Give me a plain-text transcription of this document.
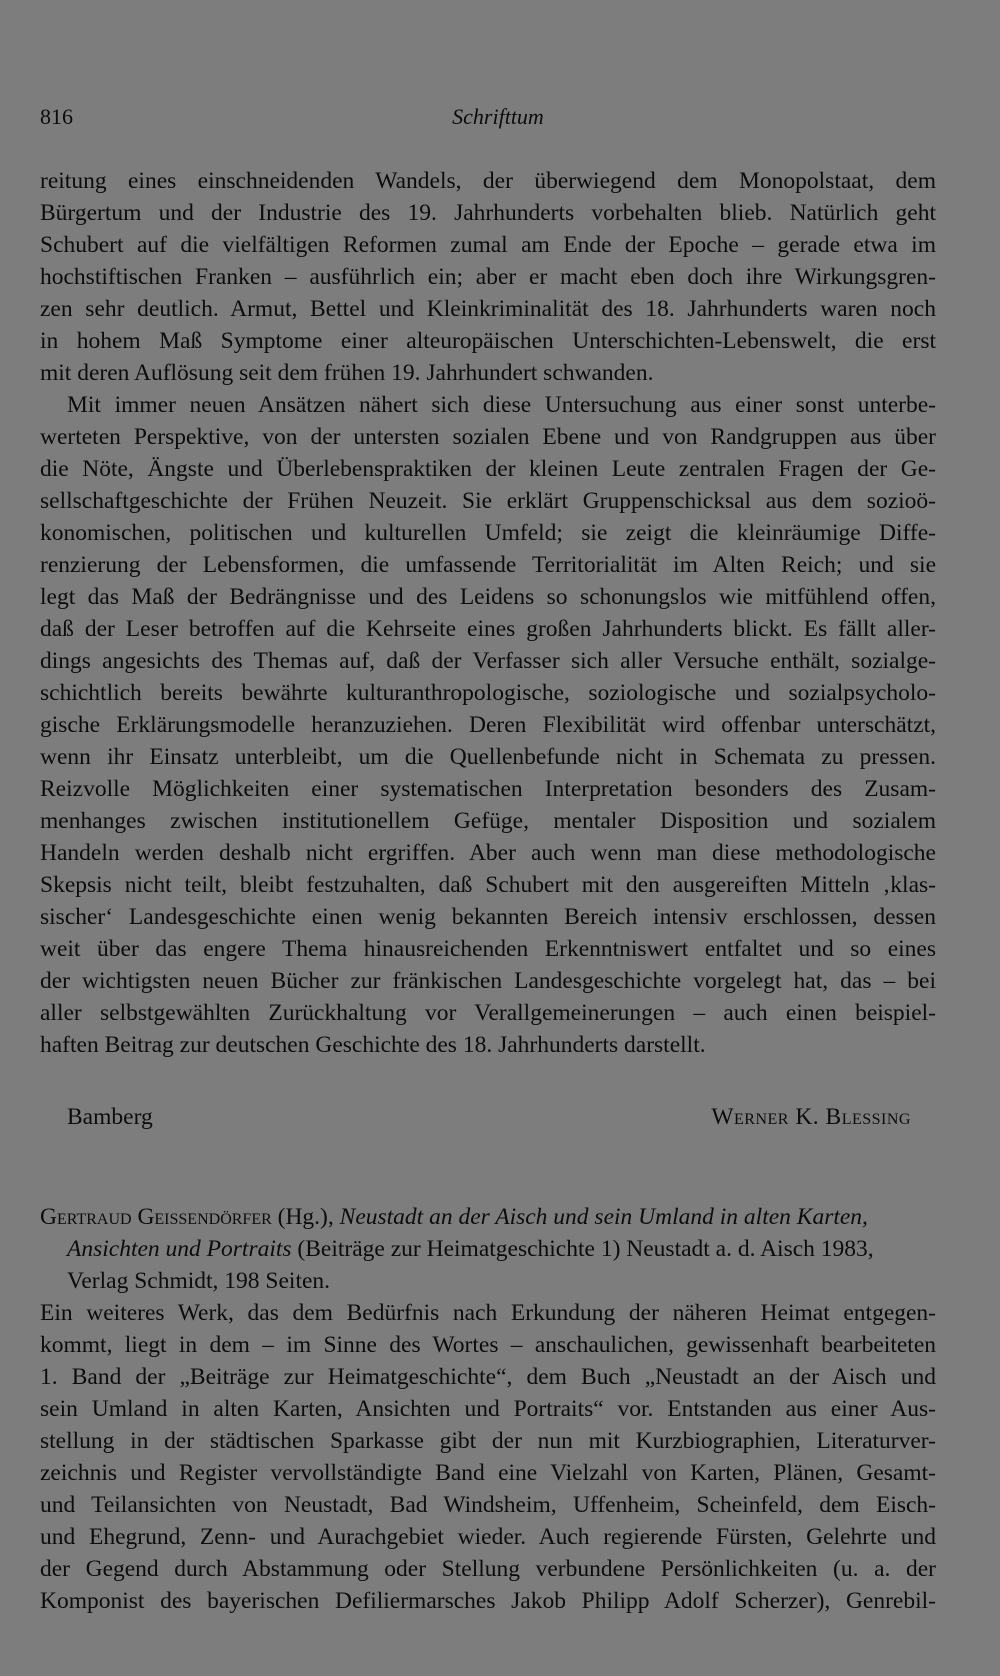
816	Schrifttum
reitung eines einschneidenden Wandels, der überwiegend dem Monopolstaat, dem
Bürgertum und der Industrie des 19. Jahrhunderts vorbehalten blieb. Natürlich geht
Schubert auf die vielfältigen Reformen zumal am Ende der Epoche – gerade etwa im
hochstiftischen Franken – ausführlich ein; aber er macht eben doch ihre Wirkungsgren-
zen sehr deutlich. Armut, Bettel und Kleinkriminalität des 18. Jahrhunderts waren noch
in hohem Maß Symptome einer alteuropäischen Unterschichten-Lebenswelt, die erst
mit deren Auflösung seit dem frühen 19. Jahrhundert schwanden.
Mit immer neuen Ansätzen nähert sich diese Untersuchung aus einer sonst unterbe-
werteten Perspektive, von der untersten sozialen Ebene und von Randgruppen aus über
die Nöte, Ängste und Überlebenspraktiken der kleinen Leute zentralen Fragen der Ge-
sellschaftgeschichte der Frühen Neuzeit. Sie erklärt Gruppenschicksal aus dem sozioö-
konomischen, politischen und kulturellen Umfeld; sie zeigt die kleinräumige Diffe-
renzierung der Lebensformen, die umfassende Territorialität im Alten Reich; und sie
legt das Maß der Bedrängnisse und des Leidens so schonungslos wie mitfühlend offen,
daß der Leser betroffen auf die Kehrseite eines großen Jahrhunderts blickt. Es fällt aller-
dings angesichts des Themas auf, daß der Verfasser sich aller Versuche enthält, sozialge-
schichtlich bereits bewährte kulturanthropologische, soziologische und sozialpsycholo-
gische Erklärungsmodelle heranzuziehen. Deren Flexibilität wird offenbar unterschätzt,
wenn ihr Einsatz unterbleibt, um die Quellenbefunde nicht in Schemata zu pressen.
Reizvolle Möglichkeiten einer systematischen Interpretation besonders des Zusam-
menhanges zwischen institutionellem Gefüge, mentaler Disposition und sozialem
Handeln werden deshalb nicht ergriffen. Aber auch wenn man diese methodologische
Skepsis nicht teilt, bleibt festzuhalten, daß Schubert mit den ausgereiften Mitteln ‚klas-
sischer‘ Landesgeschichte einen wenig bekannten Bereich intensiv erschlossen, dessen
weit über das engere Thema hinausreichenden Erkenntniswert entfaltet und so eines
der wichtigsten neuen Bücher zur fränkischen Landesgeschichte vorgelegt hat, das – bei
aller selbstgewählten Zurückhaltung vor Verallgemeinerungen – auch einen beispiel-
haften Beitrag zur deutschen Geschichte des 18. Jahrhunderts darstellt.
Bamberg	Werner K. Blessing
Gertraud Geissendörfer (Hg.), Neustadt an der Aisch und sein Umland in alten Karten,
Ansichten und Portraits (Beiträge zur Heimatgeschichte 1) Neustadt a. d. Aisch 1983,
Verlag Schmidt, 198 Seiten.
Ein weiteres Werk, das dem Bedürfnis nach Erkundung der näheren Heimat entgegen-
kommt, liegt in dem – im Sinne des Wortes – anschaulichen, gewissenhaft bearbeiteten
1. Band der „Beiträge zur Heimatgeschichte“, dem Buch „Neustadt an der Aisch und
sein Umland in alten Karten, Ansichten und Portraits“ vor. Entstanden aus einer Aus-
stellung in der städtischen Sparkasse gibt der nun mit Kurzbiographien, Literaturver-
zeichnis und Register vervollständigte Band eine Vielzahl von Karten, Plänen, Gesamt-
und Teilansichten von Neustadt, Bad Windsheim, Uffenheim, Scheinfeld, dem Eisch-
und Ehegrund, Zenn- und Aurachgebiet wieder. Auch regierende Fürsten, Gelehrte und
der Gegend durch Abstammung oder Stellung verbundene Persönlichkeiten (u. a. der
Komponist des bayerischen Defiliermarsches Jakob Philipp Adolf Scherzer), Genrebil-
